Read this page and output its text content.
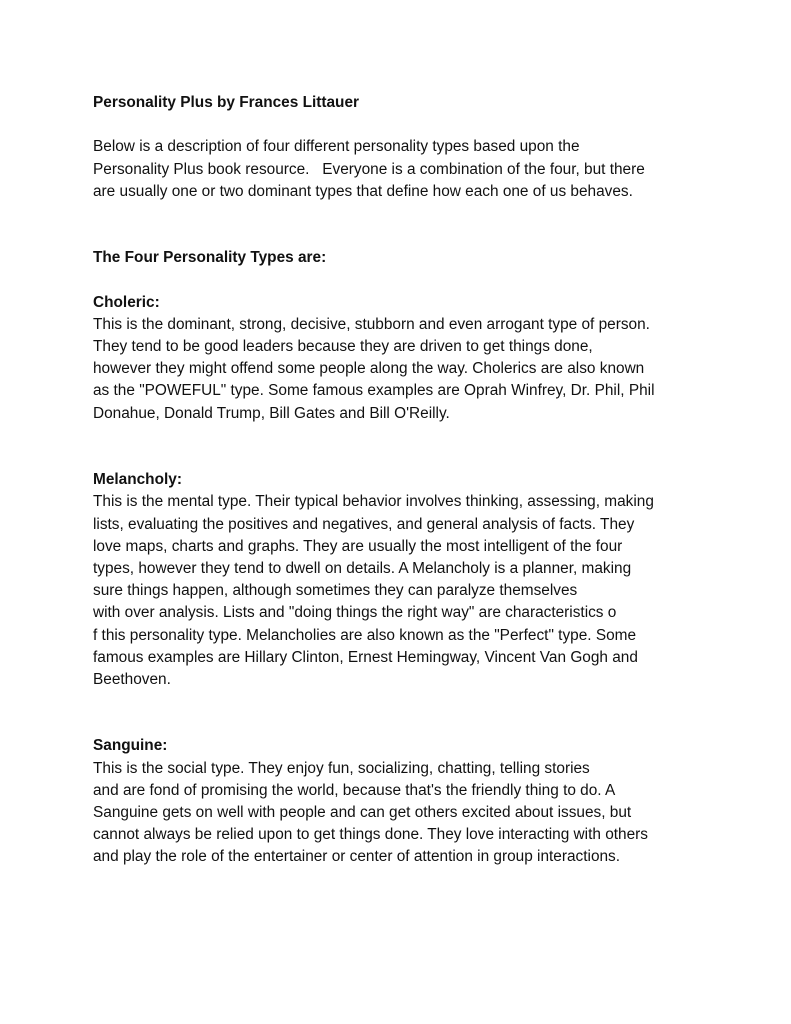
Personality Plus by Frances Littauer
Below is a description of four different personality types based upon the
Personality Plus book resource.   Everyone is a combination of the four, but there
are usually one or two dominant types that define how each one of us behaves.
The Four Personality Types are:
Choleric:
This is the dominant, strong, decisive, stubborn and even arrogant type of person.
They tend to be good leaders because they are driven to get things done,
however they might offend some people along the way. Cholerics are also known
as the "POWEFUL" type. Some famous examples are Oprah Winfrey, Dr. Phil, Phil
Donahue, Donald Trump, Bill Gates and Bill O'Reilly.
Melancholy:
This is the mental type. Their typical behavior involves thinking, assessing, making
lists, evaluating the positives and negatives, and general analysis of facts. They
love maps, charts and graphs. They are usually the most intelligent of the four
types, however they tend to dwell on details. A Melancholy is a planner, making
sure things happen, although sometimes they can paralyze themselves
with over analysis. Lists and "doing things the right way" are characteristics o
f this personality type. Melancholies are also known as the "Perfect" type. Some
famous examples are Hillary Clinton, Ernest Hemingway, Vincent Van Gogh and
Beethoven.
Sanguine:
This is the social type. They enjoy fun, socializing, chatting, telling stories
and are fond of promising the world, because that's the friendly thing to do. A
Sanguine gets on well with people and can get others excited about issues, but
cannot always be relied upon to get things done. They love interacting with others
and play the role of the entertainer or center of attention in group interactions.
